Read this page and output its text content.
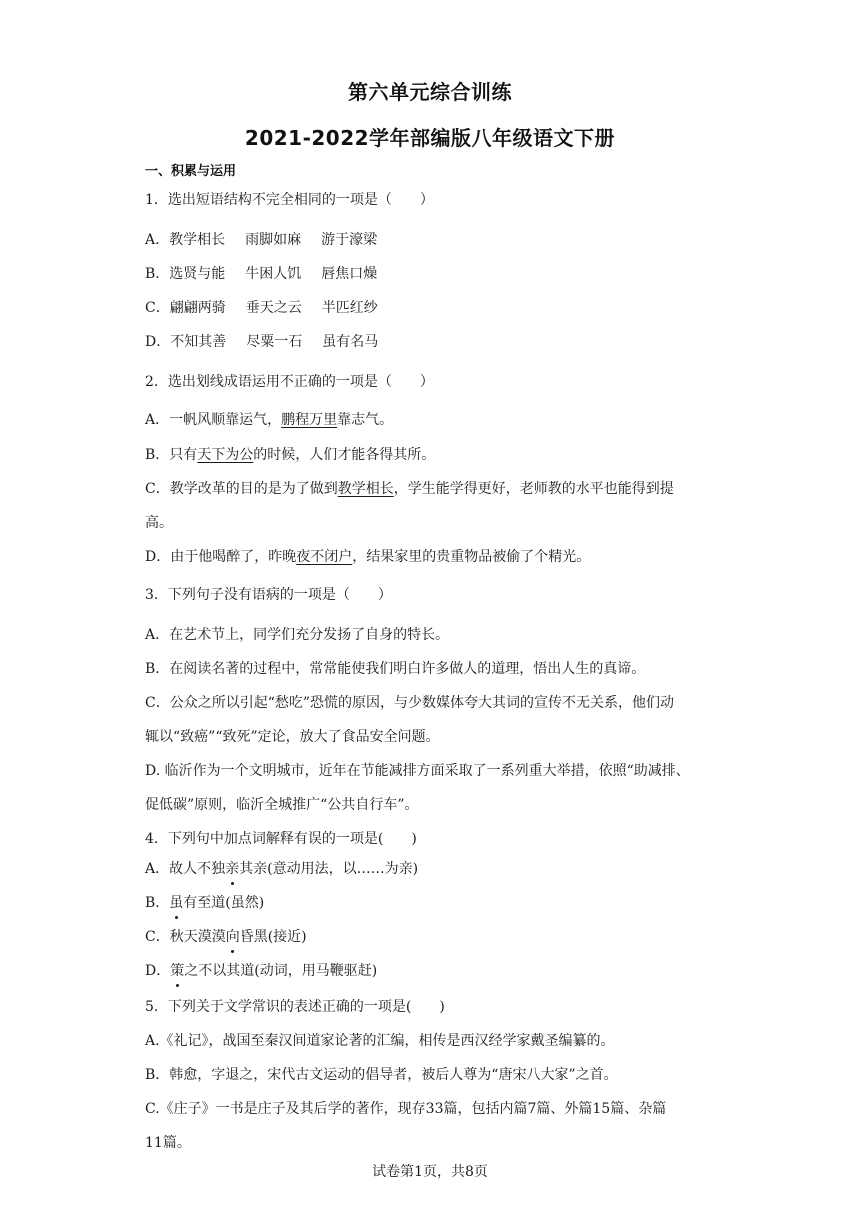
第六单元综合训练
2021-2022学年部编版八年级语文下册
一、积累与运用
1．选出短语结构不完全相同的一项是（　　）
A．教学相长 雨脚如麻 游于濠梁
B．选贤与能 牛困人饥 唇焦口燥
C．翩翩两骑 垂天之云 半匹红纱
D．不知其善 尽粟一石 虽有名马
2．选出划线成语运用不正确的一项是（　　）
A．一帆风顺靠运气，鹏程万里靠志气。
B．只有天下为公的时候，人们才能各得其所。
C．教学改革的目的是为了做到教学相长，学生能学得更好，老师教的水平也能得到提
高。
D．由于他喝醉了，昨晚夜不闭户，结果家里的贵重物品被偷了个精光。
3．下列句子没有语病的一项是（　　）
A．在艺术节上，同学们充分发扬了自身的特长。
B．在阅读名著的过程中，常常能使我们明白许多做人的道理，悟出人生的真谛。
C．公众之所以引起“愁吃”恐慌的原因，与少数媒体夸大其词的宣传不无关系，他们动
辄以“致癌”“致死”定论，放大了食品安全问题。
D. 临沂作为一个文明城市，近年在节能减排方面采取了一系列重大举措，依照“助减排、
促低碳”原则，临沂全城推广“公共自行车”。
4．下列句中加点词解释有误的一项是(　　)
A．故人不独亲其亲(意动用法，以……为亲)
B．虽有至道(虽然)
C．秋天漠漠向昏黑(接近)
D．策之不以其道(动词，用马鞭驱赶)
5．下列关于文学常识的表述正确的一项是(　　)
A.《礼记》，战国至秦汉间道家论著的汇编，相传是西汉经学家戴圣编纂的。
B．韩愈，字退之，宋代古文运动的倡导者，被后人尊为“唐宋八大家”之首。
C.《庄子》一书是庄子及其后学的著作，现存33篇，包括内篇7篇、外篇15篇、杂篇
11篇。
试卷第1页，共8页
